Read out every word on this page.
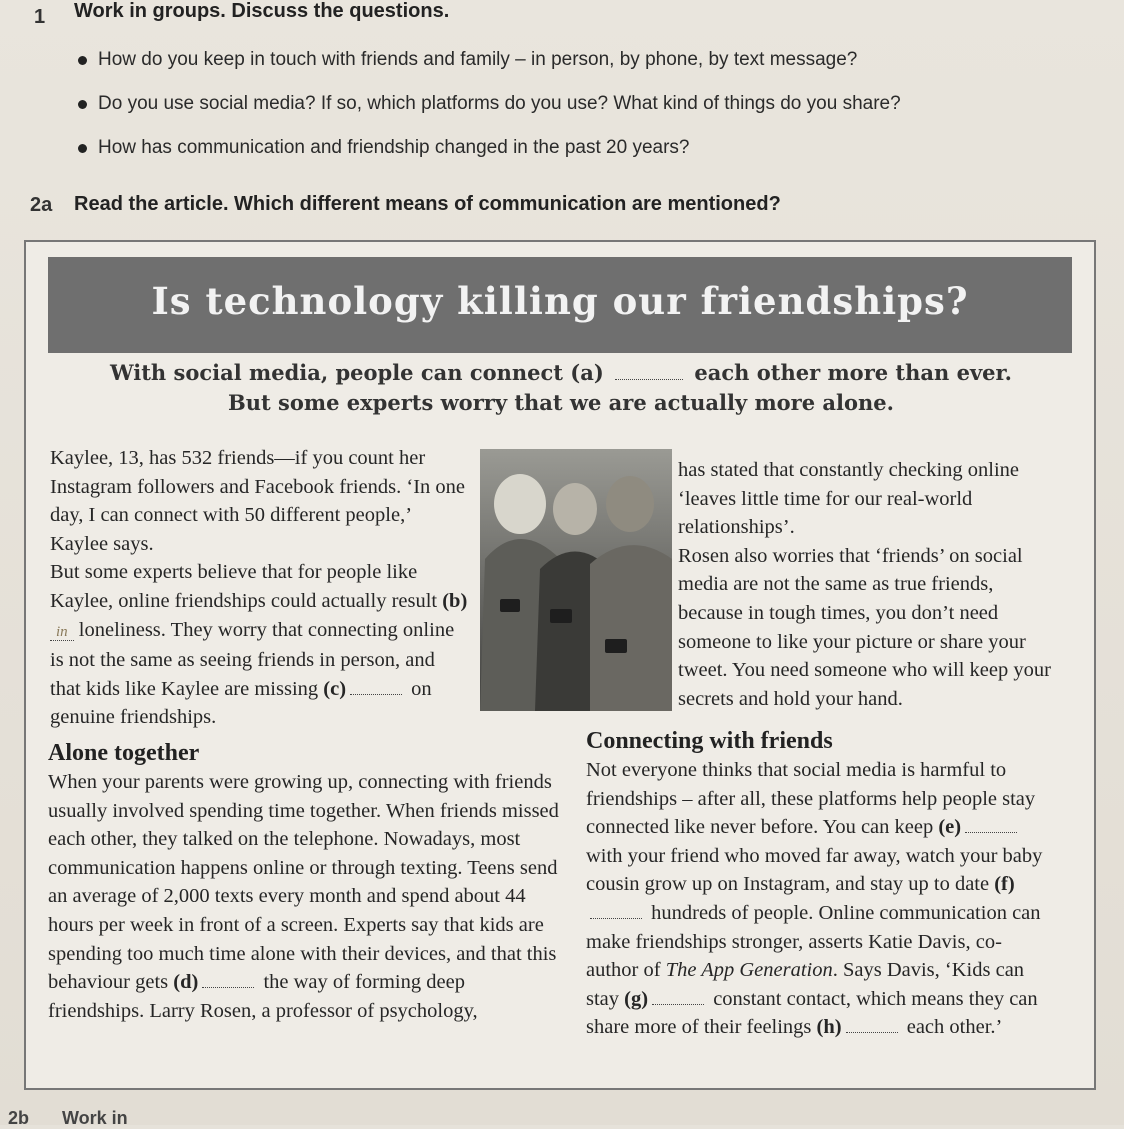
1 Work in groups. Discuss the questions.
How do you keep in touch with friends and family – in person, by phone, by text message?
Do you use social media? If so, which platforms do you use? What kind of things do you share?
How has communication and friendship changed in the past 20 years?
2a Read the article. Which different means of communication are mentioned?
Is technology killing our friendships?
With social media, people can connect (a)	each other more than ever.
But some experts worry that we are actually more alone.

Kaylee, 13, has 532 friends—if you count her Instagram followers and Facebook friends. ‘In one day, I can connect with 50 different people,’ Kaylee says.

But some experts believe that for people like Kaylee, online friendships could actually result (b) in loneliness. They worry that connecting online is not the same as seeing friends in person, and that kids like Kaylee are missing (c)	on genuine friendships.

has stated that constantly checking online ‘leaves little time for our real-world relationships’.

Rosen also worries that ‘friends’ on social media are not the same as true friends, because in tough times, you don’t need someone to like your picture or share your tweet. You need someone who will keep your secrets and hold your hand.

Alone together

When your parents were growing up, connecting with friends usually involved spending time together. When friends missed each other, they talked on the telephone. Nowadays, most communication happens online or through texting. Teens send an average of 2,000 texts every month and spend about 44 hours per week in front of a screen. Experts say that kids are spending too much time alone with their devices, and that this behaviour gets (d)	the way of forming deep friendships. Larry Rosen, a professor of psychology,

Connecting with friends

Not everyone thinks that social media is harmful to friendships – after all, these platforms help people stay connected like never before. You can keep (e) with your friend who moved far away, watch your baby cousin grow up on Instagram, and stay up to date (f) hundreds of people. Online communication can make friendships stronger, asserts Katie Davis, co-author of The App Generation. Says Davis, ‘Kids can stay (g)	constant contact, which means they can share more of their feelings (h)	each other.’

2b Work in
